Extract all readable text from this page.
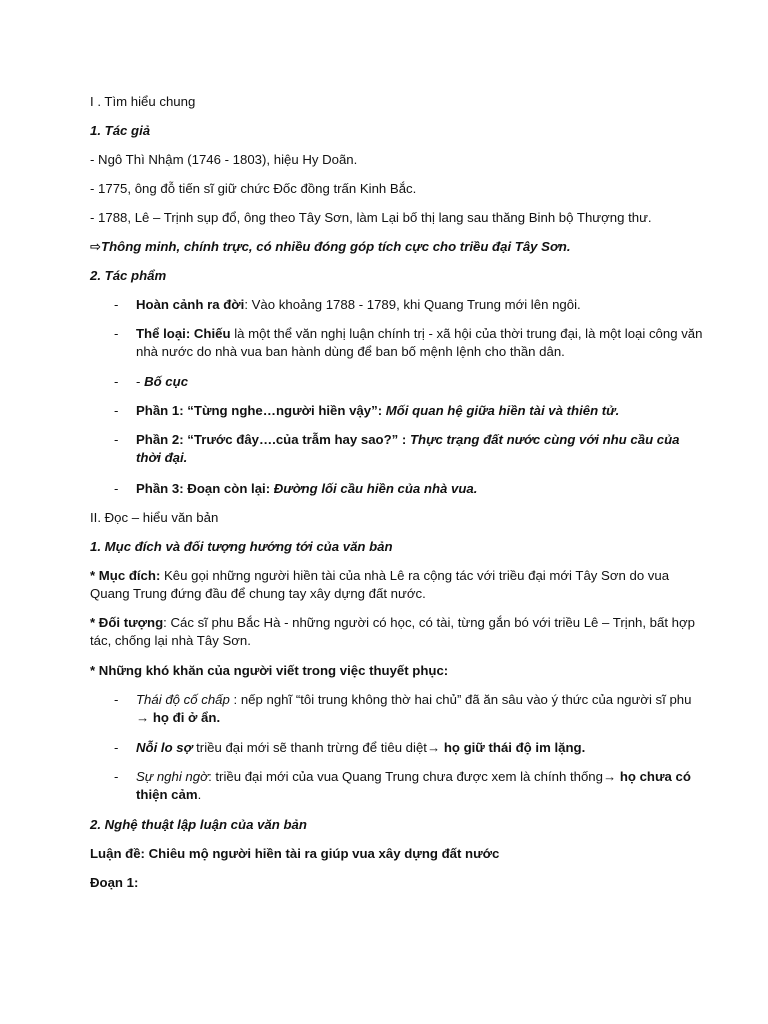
I . Tìm hiểu chung

1. Tác giả

- Ngô Thì Nhậm (1746 - 1803), hiệu Hy Doãn.

- 1775, ông đỗ tiến sĩ giữ chức Đốc đồng trấn Kinh Bắc.

- 1788, Lê – Trịnh sụp đổ, ông theo Tây Sơn, làm Lại bố thị lang sau thăng Binh bộ Thượng thư.

⇨Thông minh, chính trực, có nhiều đóng góp tích cực cho triều đại Tây Sơn.

2. Tác phẩm

- Hoàn cảnh ra đời: Vào khoảng 1788 - 1789, khi Quang Trung mới lên ngôi.
- Thể loại: Chiếu là một thể văn nghị luận chính trị - xã hội của thời trung đại, là một loại công văn nhà nước do nhà vua ban hành dùng để ban bố mệnh lệnh cho thần dân.
- - Bố cục
- Phần 1: “Từng nghe…người hiền vậy”: Mối quan hệ giữa hiền tài và thiên tử.
- Phần 2: “Trước đây….của trẫm hay sao?” : Thực trạng đất nước cùng với nhu cầu của thời đại.
- Phần 3: Đoạn còn lại: Đường lối cầu hiền của nhà vua.

II. Đọc – hiểu văn bản

1. Mục đích và đối tượng hướng tới của văn bản

* Mục đích: Kêu gọi những người hiền tài của nhà Lê ra cộng tác với triều đại mới Tây Sơn do vua Quang Trung đứng đầu để chung tay xây dựng đất nước.

* Đối tượng: Các sĩ phu Bắc Hà - những người có học, có tài, từng gắn bó với triều Lê – Trịnh, bất hợp tác, chống lại nhà Tây Sơn.

* Những khó khăn của người viết trong việc thuyết phục:

- Thái độ cố chấp : nếp nghĩ “tôi trung không thờ hai chủ” đã ăn sâu vào ý thức của người sĩ phu → họ đi ở ẩn.
- Nỗi lo sợ triều đại mới sẽ thanh trừng để tiêu diệt→ họ giữ thái độ im lặng.
- Sự nghi ngờ: triều đại mới của vua Quang Trung chưa được xem là chính thống→ họ chưa có thiện cảm.

2. Nghệ thuật lập luận của văn bản

Luận đề: Chiêu mộ người hiền tài ra giúp vua xây dựng đất nước

Đoạn 1:
